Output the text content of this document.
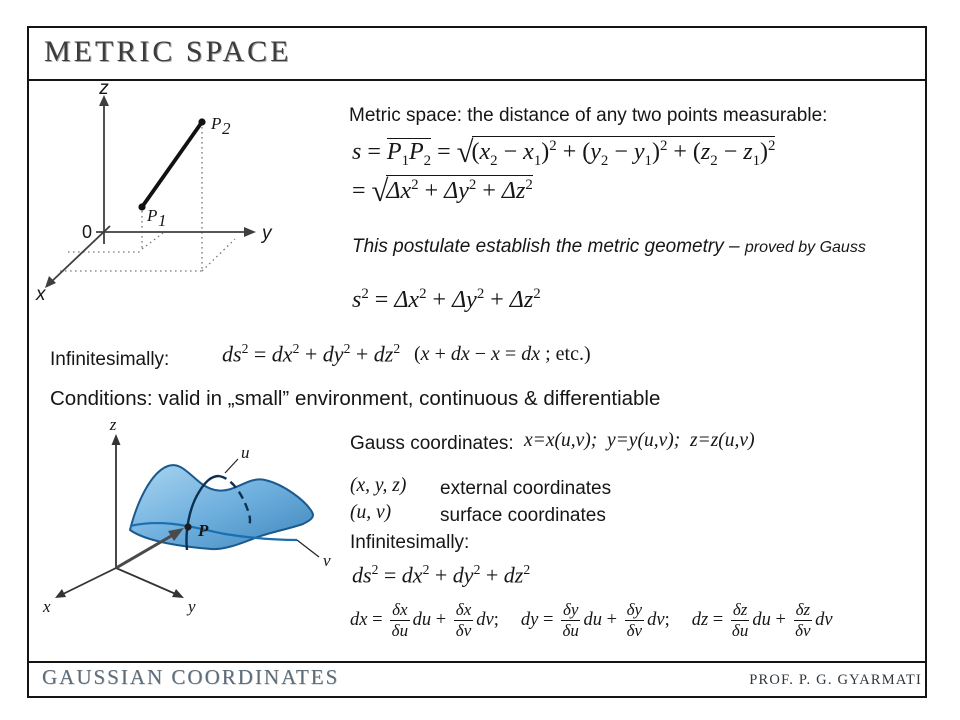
METRIC SPACE
z
y
x
0
P 1
P 2
Metric space: the distance of any two points measurable:
$s = P_1P_2 = √(x_2 - x_1)^2 + (y_2 - y_1)^2 + (z_2 - z_1)^2$
= $√\Delta x^2 + \Delta y^2 + \Delta z^2$
This postulate establish the metric geometry – proved by Gauss
$s^2 = \Delta x^2 + \Delta y^2 + \Delta z^2$
Infinitesimally: $ds^2 = dx^2 + dy^2 + dz^2$ (x + dx − x = dx ; etc.)
Conditions: valid in „small” environment, continuous & differentiable
z
x	y
u
v
P
Gauss coordinates: x=x(u,v);  y=y(u,v);  z=z(u,v)
(x, y, z) external coordinates
(u, v)	surface coordinates
Infinitesimally:
$ds^2 = dx^2 + dy^2 + dz^2$
dx = $\frac{\delta x}{\delta u}$ du + $\frac{\delta x}{\delta v}$ dv; dy = $\frac{\delta y}{\delta u}$ du + $\frac{\delta y}{\delta v}$ dv; dz = $\frac{\delta z}{\delta u}$ du + $\frac{\delta z}{\delta v}$ dv
GAUSSIAN COORDINATES	PROF. P. G. GYARMATI
